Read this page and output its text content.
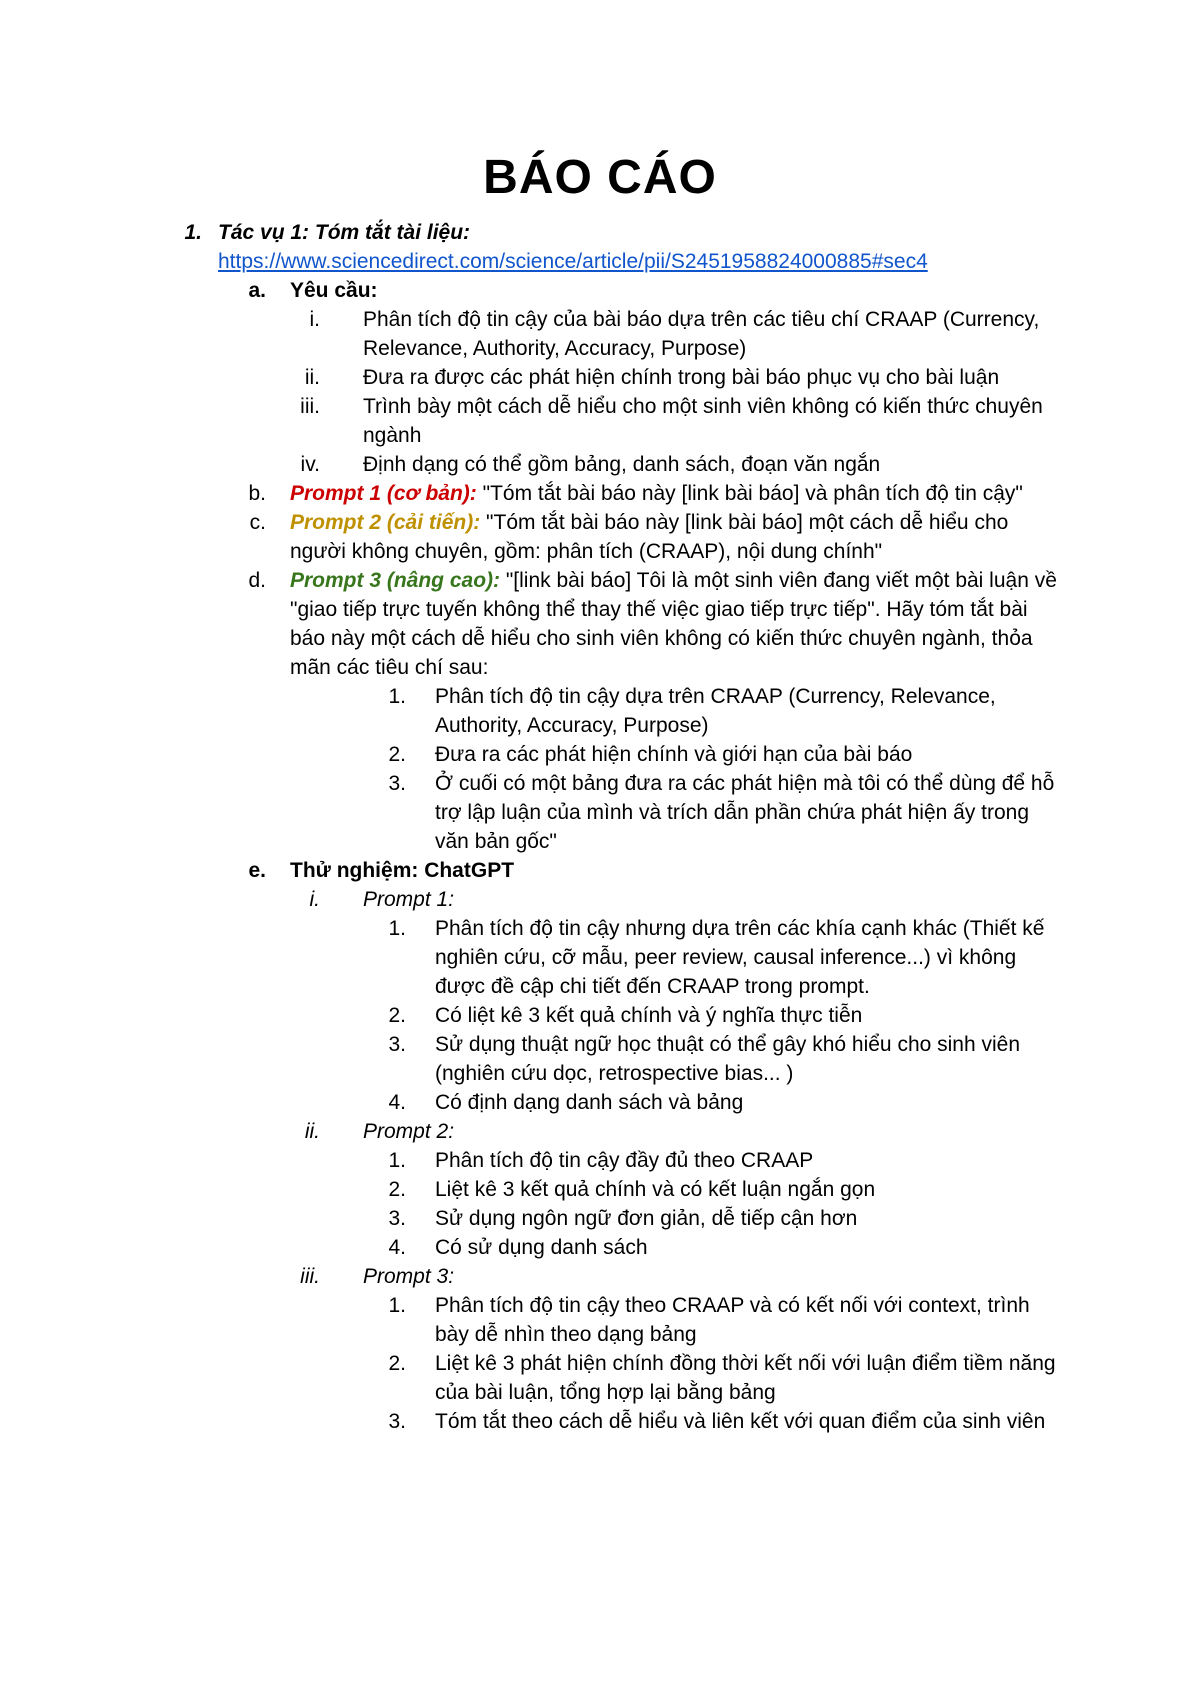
BÁO CÁO
1. Tác vụ 1: Tóm tắt tài liệu:
https://www.sciencedirect.com/science/article/pii/S2451958824000885#sec4
a. Yêu cầu:
i. Phân tích độ tin cậy của bài báo dựa trên các tiêu chí CRAAP (Currency, Relevance, Authority, Accuracy, Purpose)
ii. Đưa ra được các phát hiện chính trong bài báo phục vụ cho bài luận
iii. Trình bày một cách dễ hiểu cho một sinh viên không có kiến thức chuyên ngành
iv. Định dạng có thể gồm bảng, danh sách, đoạn văn ngắn
b. Prompt 1 (cơ bản): "Tóm tắt bài báo này [link bài báo] và phân tích độ tin cậy"
c. Prompt 2 (cải tiến): "Tóm tắt bài báo này [link bài báo] một cách dễ hiểu cho người không chuyên, gồm: phân tích (CRAAP), nội dung chính"
d. Prompt 3 (nâng cao): "[link bài báo] Tôi là một sinh viên đang viết một bài luận về "giao tiếp trực tuyến không thể thay thế việc giao tiếp trực tiếp". Hãy tóm tắt bài báo này một cách dễ hiểu cho sinh viên không có kiến thức chuyên ngành, thỏa mãn các tiêu chí sau:
1. Phân tích độ tin cậy dựa trên CRAAP (Currency, Relevance, Authority, Accuracy, Purpose)
2. Đưa ra các phát hiện chính và giới hạn của bài báo
3. Ở cuối có một bảng đưa ra các phát hiện mà tôi có thể dùng để hỗ trợ lập luận của mình và trích dẫn phần chứa phát hiện ấy trong văn bản gốc"
e. Thử nghiệm: ChatGPT
i. Prompt 1:
1. Phân tích độ tin cậy nhưng dựa trên các khía cạnh khác (Thiết kế nghiên cứu, cỡ mẫu, peer review, causal inference...) vì không được đề cập chi tiết đến CRAAP trong prompt.
2. Có liệt kê 3 kết quả chính và ý nghĩa thực tiễn
3. Sử dụng thuật ngữ học thuật có thể gây khó hiểu cho sinh viên (nghiên cứu dọc, retrospective bias... )
4. Có định dạng danh sách và bảng
ii. Prompt 2:
1. Phân tích độ tin cậy đầy đủ theo CRAAP
2. Liệt kê 3 kết quả chính và có kết luận ngắn gọn
3. Sử dụng ngôn ngữ đơn giản, dễ tiếp cận hơn
4. Có sử dụng danh sách
iii. Prompt 3:
1. Phân tích độ tin cậy theo CRAAP và có kết nối với context, trình bày dễ nhìn theo dạng bảng
2. Liệt kê 3 phát hiện chính đồng thời kết nối với luận điểm tiềm năng của bài luận, tổng hợp lại bằng bảng
3. Tóm tắt theo cách dễ hiểu và liên kết với quan điểm của sinh viên
